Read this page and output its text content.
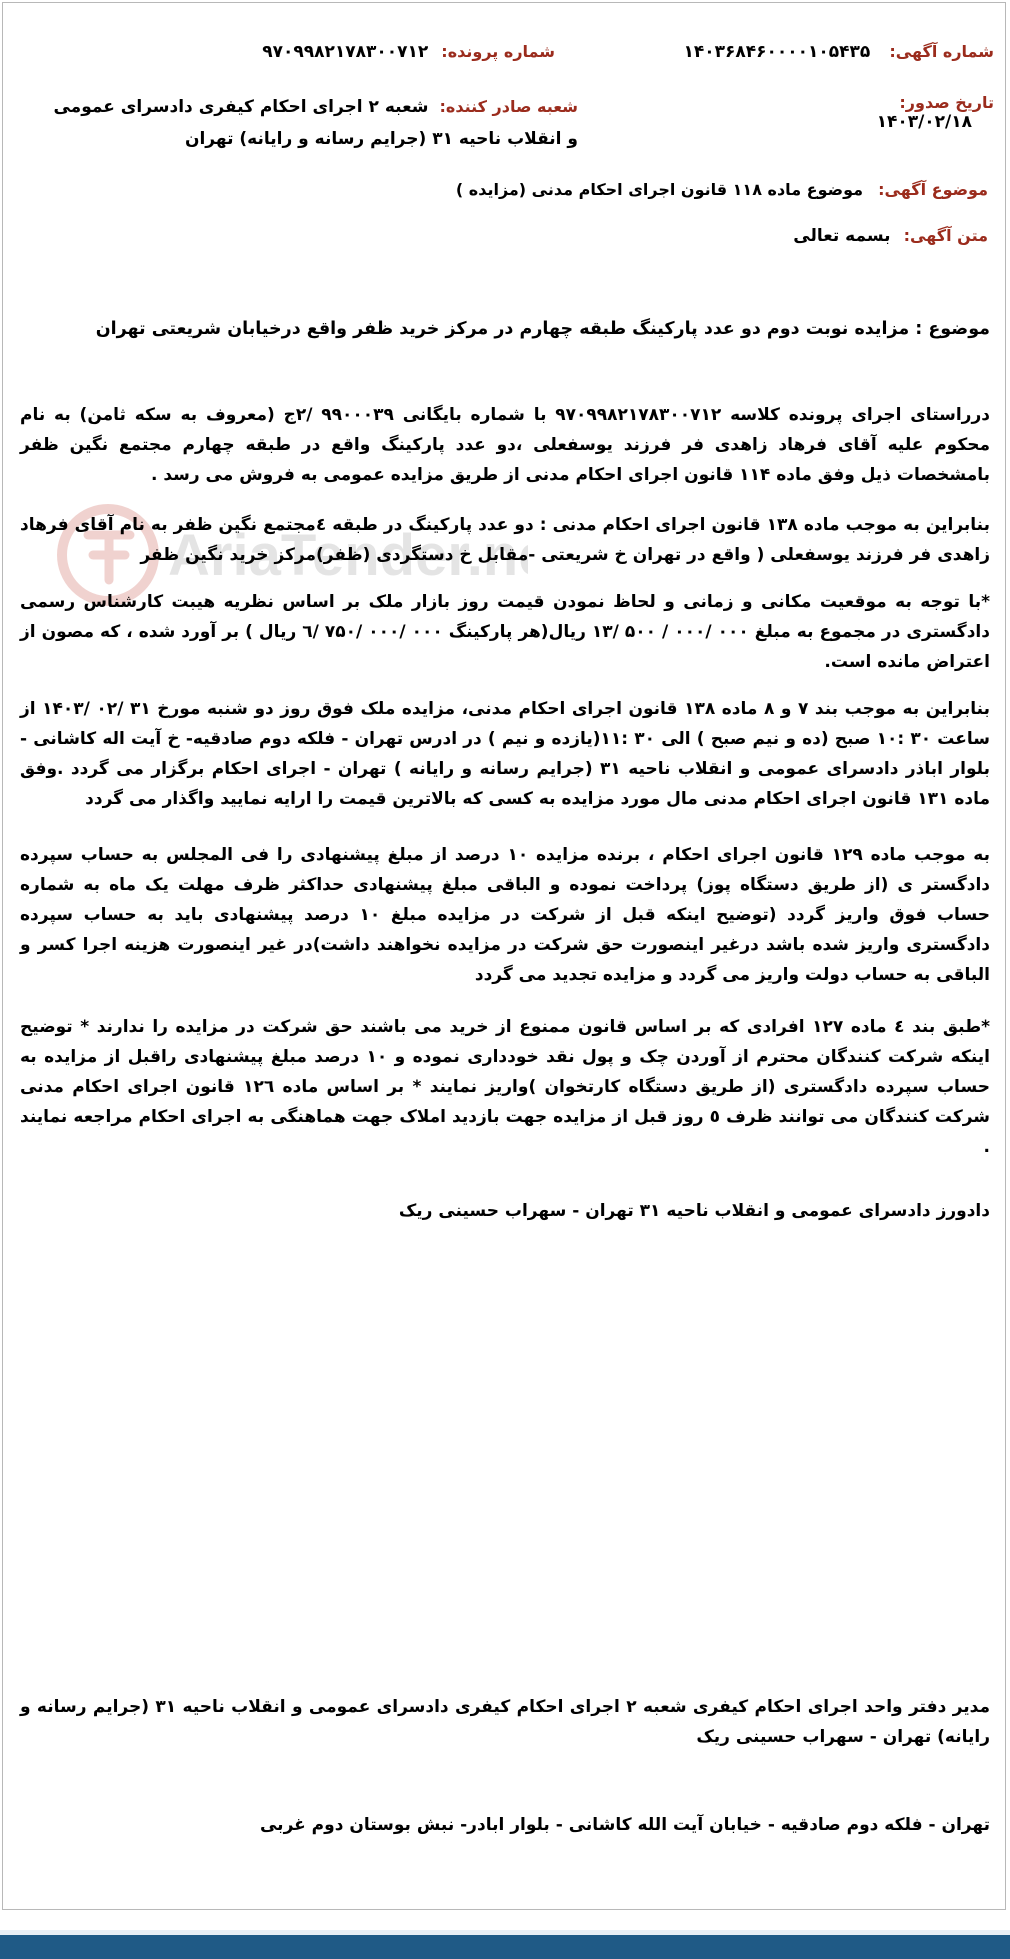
شماره آگهی: ۱۴۰۳۶۸۴۶۰۰۰۰۱۰۵۴۳۵
شماره پرونده: ۹۷۰۹۹۸۲۱۷۸۳۰۰۷۱۲
تاریخ صدور: ۱۴۰۳/۰۲/۱۸
شعبه صادر کننده: شعبه ۲ اجرای احکام کیفری دادسرای عمومی و انقلاب ناحیه ۳۱ (جرایم رسانه و رایانه) تهران
موضوع آگهی: موضوع ماده ۱۱۸ قانون اجرای احکام مدنی (مزایده )
متن آگهی: بسمه تعالی
AriaTender.n
موضوع : مزایده نوبت دوم دو عدد پارکینگ طبقه چهارم در مرکز خرید ظفر واقع درخیابان شریعتی تهران
درراستای اجرای پرونده کلاسه ۹۷۰۹۹۸۲۱۷۸۳۰۰۷۱۲ با شماره بایگانی ۹۹۰۰۰۳۹ /۲ج (معروف به سکه ثامن) به نام محکوم علیه آقای فرهاد زاهدی فر فرزند یوسفعلی ،دو عدد پارکینگ واقع در طبقه چهارم مجتمع نگین ظفر بامشخصات ذیل وفق ماده ۱۱۴ قانون اجرای احکام مدنی از طریق مزایده عمومی به فروش می رسد .
بنابراین به موجب ماده ۱۳۸ قانون اجرای احکام مدنی : دو عدد پارکینگ در طبقه ٤مجتمع نگین ظفر به نام آقای فرهاد زاهدی فر فرزند یوسفعلی ( واقع در تهران خ شریعتی -مقابل خ دستگردی (ظفر)مرکز خرید نگین ظفر
*با توجه به موقعیت مکانی و زمانی و لحاظ نمودن قیمت روز بازار ملک بر اساس نظریه هیبت کارشناس رسمی دادگستری در مجموع به مبلغ ۰۰۰ /۰۰۰ / ۵۰۰ /۱۳ ریال(هر پارکینگ ۰۰۰ /۰۰۰ /۷۵۰ /٦ ریال ) بر آورد شده ، که مصون از اعتراض مانده است.
بنابراین به موجب بند ۷ و ۸ ماده ۱۳۸ قانون اجرای احکام مدنی، مزایده ملک فوق روز دو شنبه مورخ ۳۱ /۰۲ /۱۴۰۳ از ساعت ۳۰ :۱۰ صبح (ده و نیم صبح ) الی ۳۰ :۱۱(یازده و نیم ) در ادرس تهران - فلکه دوم صادقیه- خ آیت اله کاشانی - بلوار اباذر دادسرای عمومی و انقلاب ناحیه ۳۱ (جرایم رسانه و رایانه ) تهران - اجرای احکام برگزار می گردد .وفق ماده ۱۳۱ قانون اجرای احکام مدنی مال مورد مزایده به کسی که بالاترین قیمت را ارایه نمایید واگذار می گردد
به موجب ماده ۱۲۹ قانون اجرای احکام ، برنده مزایده ۱۰ درصد از مبلغ پیشنهادی را فی المجلس به حساب سپرده دادگستر ی (از طریق دستگاه پوز) پرداخت نموده و الباقی مبلغ پیشنهادی حداکثر ظرف مهلت یک ماه به شماره حساب فوق واریز گردد (توضیح اینکه قبل از شرکت در مزایده مبلغ ۱۰ درصد پیشنهادی باید به حساب سپرده دادگستری واریز شده باشد درغیر اینصورت حق شرکت در مزایده نخواهند داشت)در غیر اینصورت هزینه اجرا کسر و الباقی به حساب دولت واریز می گردد و مزایده تجدید می گردد
*طبق بند ٤ ماده ۱۲۷ افرادی که بر اساس قانون ممنوع از خرید می باشند حق شرکت در مزایده را ندارند * توضیح اینکه شرکت کنندگان محترم از آوردن چک و پول نقد خودداری نموده و ۱۰ درصد مبلغ پیشنهادی راقبل از مزایده به حساب سپرده دادگستری (از طریق دستگاه کارتخوان )واریز نمایند * بر اساس ماده ۱۲٦ قانون اجرای احکام مدنی شرکت کنندگان می توانند ظرف ٥ روز قبل از مزایده جهت بازدید املاک جهت هماهنگی به اجرای احکام مراجعه نمایند .
دادورز دادسرای عمومی و انقلاب ناحیه ۳۱ تهران - سهراب حسینی ریک
مدیر دفتر واحد اجرای احکام کیفری شعبه ۲ اجرای احکام کیفری دادسرای عمومی و انقلاب ناحیه ۳۱ (جرایم رسانه و رایانه) تهران - سهراب حسینی ریک
تهران - فلکه دوم صادقیه - خیابان آیت الله کاشانی - بلوار ابادر- نبش بوستان دوم غربی
